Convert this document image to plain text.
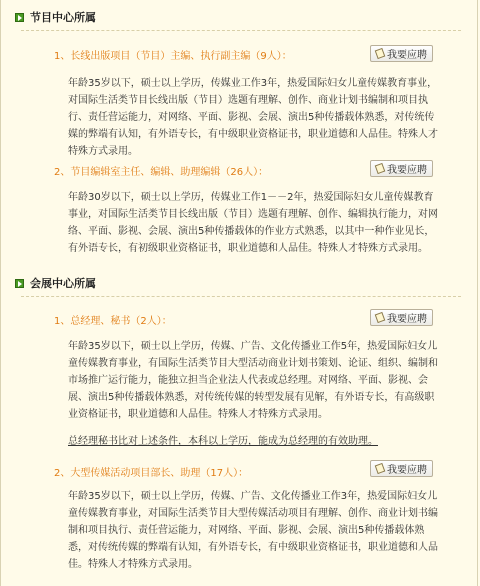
节目中心所属
1、长线出版项目（节目）主编、执行副主编（9人）：	我要应聘

年龄35岁以下，硕士以上学历，传媒业工作3年，热爱国际妇女儿童传媒教育事业，对国际生活类节目长线出版（节目）选题有理解、创作、商业计划书编制和项目执行、责任营运能力，对网络、平面、影视、会展、演出5种传播载体熟悉，对传统传媒的弊端有认知，有外语专长，有中级职业资格证书，职业道德和人品佳。特殊人才特殊方式录用。

2、节目编辑室主任、编辑、助理编辑（26人）：	我要应聘

年龄30岁以下，硕士以上学历，传媒业工作1－－2年，热爱国际妇女儿童传媒教育事业，对国际生活类节目长线出版（节目）选题有理解、创作、编辑执行能力，对网络、平面、影视、会展、演出5种传播载体的作业方式熟悉，以其中一种作业见长，有外语专长，有初级职业资格证书，职业道德和人品佳。特殊人才特殊方式录用。

会展中心所属
1、总经理、秘书（2人）：	我要应聘

年龄35岁以下，硕士以上学历，传媒、广告、文化传播业工作5年，热爱国际妇女儿童传媒教育事业，有国际生活类节目大型活动商业计划书策划、论证、组织、编制和市场推广运行能力，能独立担当企业法人代表或总经理。对网络、平面、影视、会展、演出5种传播载体熟悉，对传统传媒的转型发展有见解，有外语专长，有高级职业资格证书，职业道德和人品佳。特殊人才特殊方式录用。

总经理秘书比对上述条件，本科以上学历，能成为总经理的有效助理。
2、大型传媒活动项目部长、助理（17人）：	我要应聘

年龄35岁以下，硕士以上学历，传媒、广告、文化传播业工作3年，热爱国际妇女儿童传媒教育事业，对国际生活类节目大型传媒活动项目有理解、创作、商业计划书编制和项目执行、责任营运能力，对网络、平面、影视、会展、演出5种传播载体熟悉，对传统传媒的弊端有认知，有外语专长，有中级职业资格证书，职业道德和人品佳。特殊人才特殊方式录用。
